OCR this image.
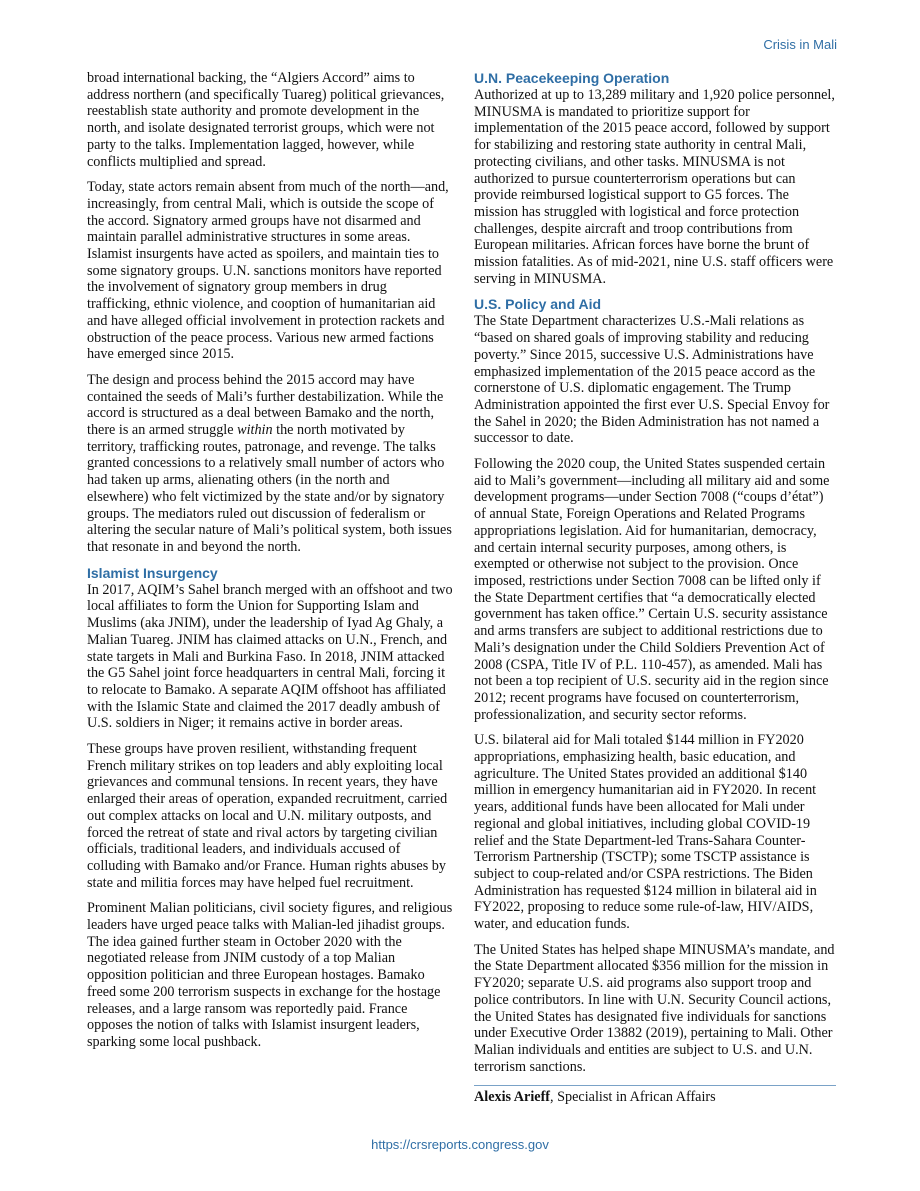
Crisis in Mali

broad international backing, the “Algiers Accord” aims to address northern (and specifically Tuareg) political grievances, reestablish state authority and promote development in the north, and isolate designated terrorist groups, which were not party to the talks. Implementation lagged, however, while conflicts multiplied and spread.

Today, state actors remain absent from much of the north—and, increasingly, from central Mali, which is outside the scope of the accord. Signatory armed groups have not disarmed and maintain parallel administrative structures in some areas. Islamist insurgents have acted as spoilers, and maintain ties to some signatory groups. U.N. sanctions monitors have reported the involvement of signatory group members in drug trafficking, ethnic violence, and cooption of humanitarian aid and have alleged official involvement in protection rackets and obstruction of the peace process. Various new armed factions have emerged since 2015.

The design and process behind the 2015 accord may have contained the seeds of Mali’s further destabilization. While the accord is structured as a deal between Bamako and the north, there is an armed struggle within the north motivated by territory, trafficking routes, patronage, and revenge. The talks granted concessions to a relatively small number of actors who had taken up arms, alienating others (in the north and elsewhere) who felt victimized by the state and/or by signatory groups. The mediators ruled out discussion of federalism or altering the secular nature of Mali’s political system, both issues that resonate in and beyond the north.

Islamist Insurgency

In 2017, AQIM’s Sahel branch merged with an offshoot and two local affiliates to form the Union for Supporting Islam and Muslims (aka JNIM), under the leadership of Iyad Ag Ghaly, a Malian Tuareg. JNIM has claimed attacks on U.N., French, and state targets in Mali and Burkina Faso. In 2018, JNIM attacked the G5 Sahel joint force headquarters in central Mali, forcing it to relocate to Bamako. A separate AQIM offshoot has affiliated with the Islamic State and claimed the 2017 deadly ambush of U.S. soldiers in Niger; it remains active in border areas.

These groups have proven resilient, withstanding frequent French military strikes on top leaders and ably exploiting local grievances and communal tensions. In recent years, they have enlarged their areas of operation, expanded recruitment, carried out complex attacks on local and U.N. military outposts, and forced the retreat of state and rival actors by targeting civilian officials, traditional leaders, and individuals accused of colluding with Bamako and/or France. Human rights abuses by state and militia forces may have helped fuel recruitment.

Prominent Malian politicians, civil society figures, and religious leaders have urged peace talks with Malian-led jihadist groups. The idea gained further steam in October 2020 with the negotiated release from JNIM custody of a top Malian opposition politician and three European hostages. Bamako freed some 200 terrorism suspects in exchange for the hostage releases, and a large ransom was reportedly paid. France opposes the notion of talks with Islamist insurgent leaders, sparking some local pushback.

U.N. Peacekeeping Operation

Authorized at up to 13,289 military and 1,920 police personnel, MINUSMA is mandated to prioritize support for implementation of the 2015 peace accord, followed by support for stabilizing and restoring state authority in central Mali, protecting civilians, and other tasks. MINUSMA is not authorized to pursue counterterrorism operations but can provide reimbursed logistical support to G5 forces. The mission has struggled with logistical and force protection challenges, despite aircraft and troop contributions from European militaries. African forces have borne the brunt of mission fatalities. As of mid-2021, nine U.S. staff officers were serving in MINUSMA.

U.S. Policy and Aid

The State Department characterizes U.S.-Mali relations as “based on shared goals of improving stability and reducing poverty.” Since 2015, successive U.S. Administrations have emphasized implementation of the 2015 peace accord as the cornerstone of U.S. diplomatic engagement. The Trump Administration appointed the first ever U.S. Special Envoy for the Sahel in 2020; the Biden Administration has not named a successor to date.

Following the 2020 coup, the United States suspended certain aid to Mali’s government—including all military aid and some development programs—under Section 7008 (“coups d’état”) of annual State, Foreign Operations and Related Programs appropriations legislation. Aid for humanitarian, democracy, and certain internal security purposes, among others, is exempted or otherwise not subject to the provision. Once imposed, restrictions under Section 7008 can be lifted only if the State Department certifies that “a democratically elected government has taken office.” Certain U.S. security assistance and arms transfers are subject to additional restrictions due to Mali’s designation under the Child Soldiers Prevention Act of 2008 (CSPA, Title IV of P.L. 110-457), as amended. Mali has not been a top recipient of U.S. security aid in the region since 2012; recent programs have focused on counterterrorism, professionalization, and security sector reforms.

U.S. bilateral aid for Mali totaled $144 million in FY2020 appropriations, emphasizing health, basic education, and agriculture. The United States provided an additional $140 million in emergency humanitarian aid in FY2020. In recent years, additional funds have been allocated for Mali under regional and global initiatives, including global COVID-19 relief and the State Department-led Trans-Sahara Counter-Terrorism Partnership (TSCTP); some TSCTP assistance is subject to coup-related and/or CSPA restrictions. The Biden Administration has requested $124 million in bilateral aid in FY2022, proposing to reduce some rule-of-law, HIV/AIDS, water, and education funds.

The United States has helped shape MINUSMA’s mandate, and the State Department allocated $356 million for the mission in FY2020; separate U.S. aid programs also support troop and police contributors. In line with U.N. Security Council actions, the United States has designated five individuals for sanctions under Executive Order 13882 (2019), pertaining to Mali. Other Malian individuals and entities are subject to U.S. and U.N. terrorism sanctions.

Alexis Arieff, Specialist in African Affairs

https://crsreports.congress.gov
